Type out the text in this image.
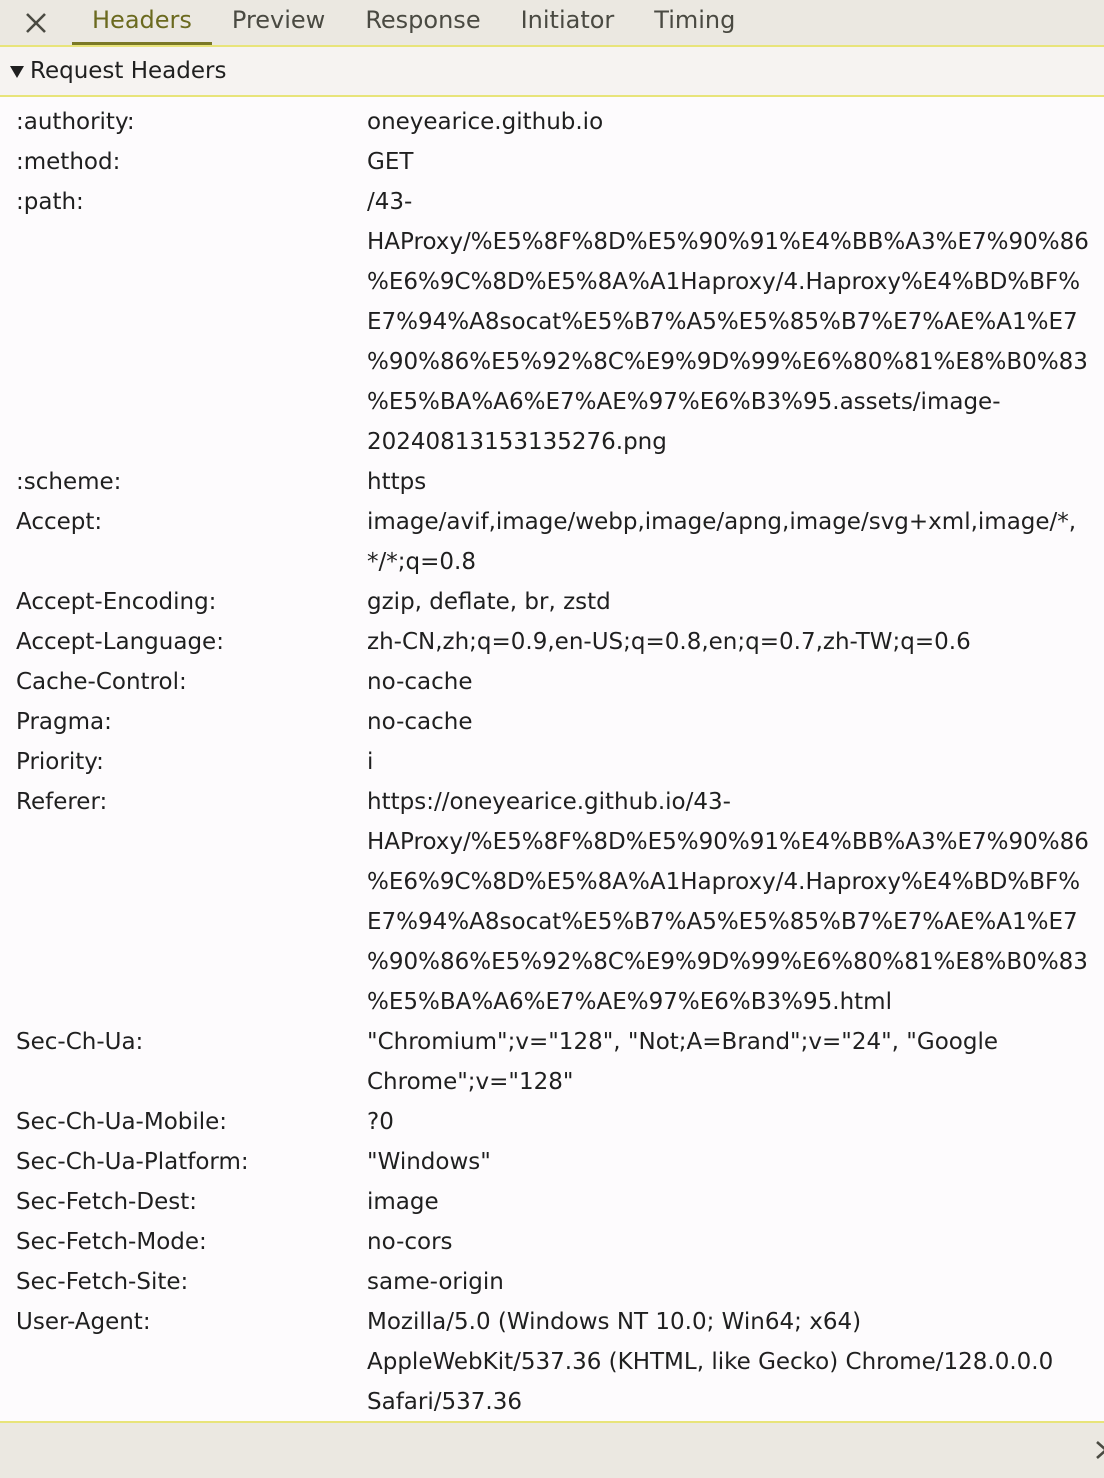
Headers	Preview	Response	Initiator	Timing
Request Headers
:authority:	oneyearice.github.io
:method:	GET
:path:	/43-
HAProxy/%E5%8F%8D%E5%90%91%E4%BB%A3%E7%90%86
%E6%9C%8D%E5%8A%A1Haproxy/4.Haproxy%E4%BD%BF%
E7%94%A8socat%E5%B7%A5%E5%85%B7%E7%AE%A1%E7
%90%86%E5%92%8C%E9%9D%99%E6%80%81%E8%B0%83
%E5%BA%A6%E7%AE%97%E6%B3%95.assets/image-
20240813153135276.png
:scheme:	https
Accept:	image/avif,image/webp,image/apng,image/svg+xml,image/*,
*/*;q=0.8
Accept-Encoding:	gzip, deflate, br, zstd
Accept-Language:	zh-CN,zh;q=0.9,en-US;q=0.8,en;q=0.7,zh-TW;q=0.6
Cache-Control:	no-cache
Pragma:	no-cache
Priority:	i
Referer:	https://oneyearice.github.io/43-
HAProxy/%E5%8F%8D%E5%90%91%E4%BB%A3%E7%90%86
%E6%9C%8D%E5%8A%A1Haproxy/4.Haproxy%E4%BD%BF%
E7%94%A8socat%E5%B7%A5%E5%85%B7%E7%AE%A1%E7
%90%86%E5%92%8C%E9%9D%99%E6%80%81%E8%B0%83
%E5%BA%A6%E7%AE%97%E6%B3%95.html
Sec-Ch-Ua:	"Chromium";v="128", "Not;A=Brand";v="24", "Google
Chrome";v="128"
Sec-Ch-Ua-Mobile:	?0
Sec-Ch-Ua-Platform:	"Windows"
Sec-Fetch-Dest:	image
Sec-Fetch-Mode:	no-cors
Sec-Fetch-Site:	same-origin
User-Agent:	Mozilla/5.0 (Windows NT 10.0; Win64; x64)
AppleWebKit/537.36 (KHTML, like Gecko) Chrome/128.0.0.0
Safari/537.36
